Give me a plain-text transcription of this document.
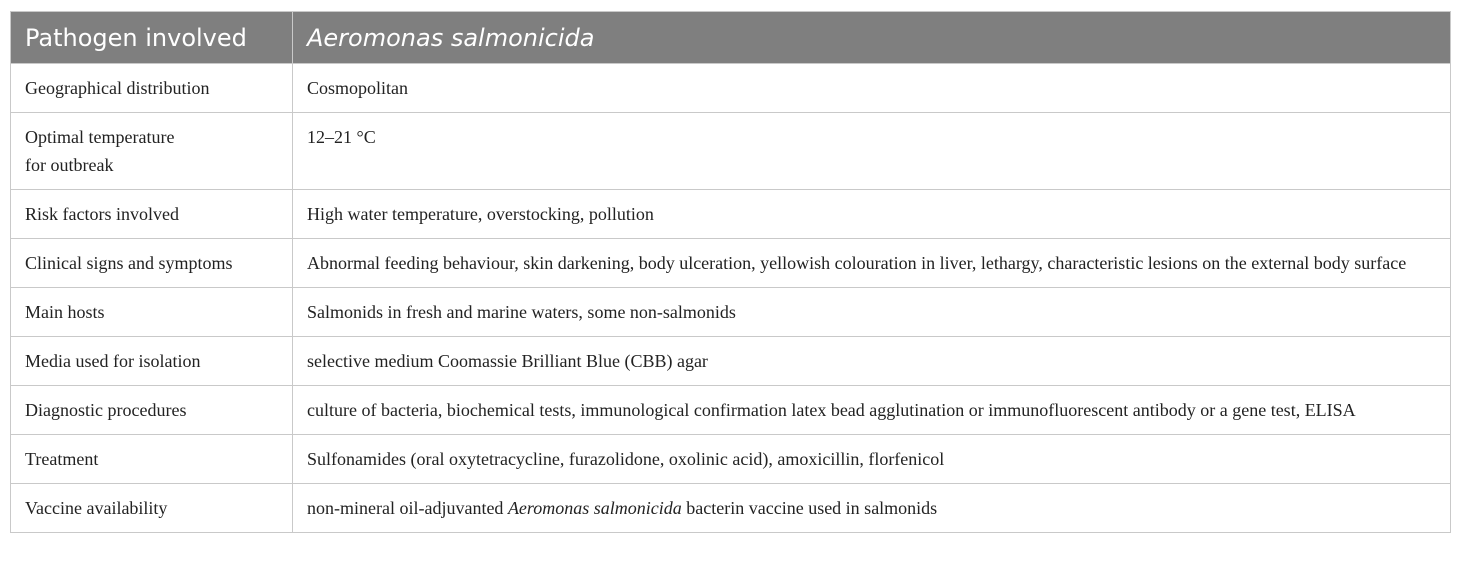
Pathogen involved	Aeromonas salmonicida
Geographical distribution	Cosmopolitan
Optimal temperature
for outbreak	12–21 °C
Risk factors involved	High water temperature, overstocking, pollution
Clinical signs and symptoms	Abnormal feeding behaviour, skin darkening, body ulceration, yellowish colouration in liver, lethargy, characteristic lesions on the external body surface
Main hosts	Salmonids in fresh and marine waters, some non-salmonids
Media used for isolation	selective medium Coomassie Brilliant Blue (CBB) agar
Diagnostic procedures	culture of bacteria, biochemical tests, immunological confirmation latex bead agglutination or immunofluorescent antibody or a gene test, ELISA
Treatment	Sulfonamides (oral oxytetracycline, furazolidone, oxolinic acid), amoxicillin, florfenicol
Vaccine availability	non-mineral oil-adjuvanted Aeromonas salmonicida bacterin vaccine used in salmonids
